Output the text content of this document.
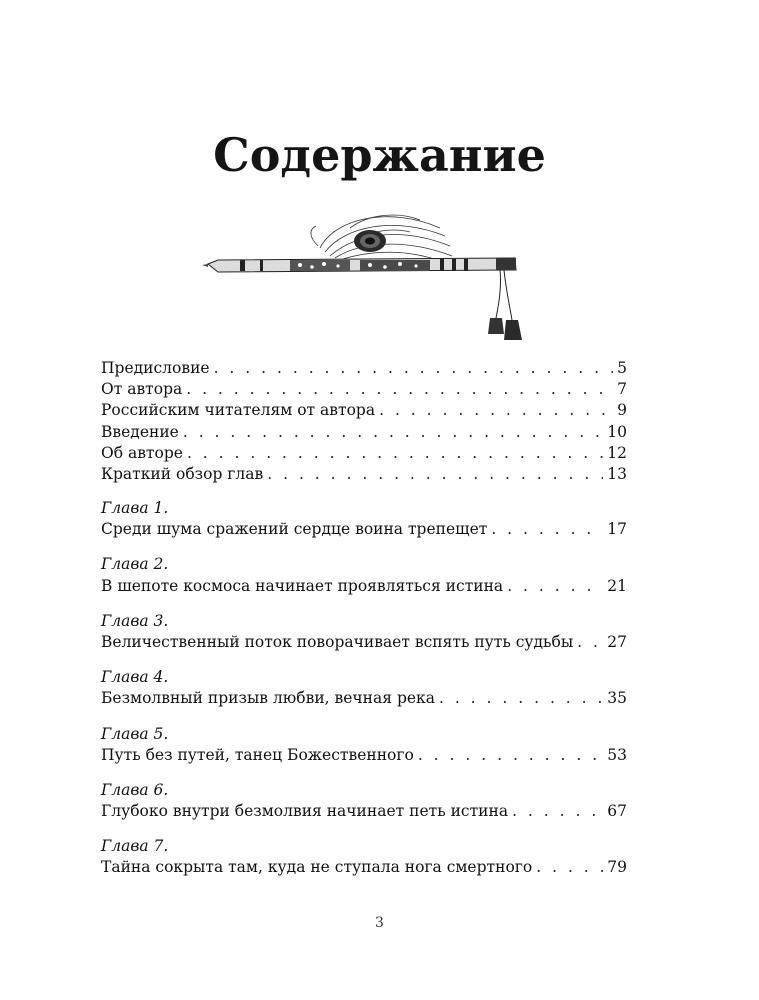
Содержание
Предисловие . . .	5
От автора . . .	7
Российским читателям от автора . . .	9
Введение . . .	10
Об авторе . . .	12
Краткий обзор глав . . .	13
Глава 1.
Среди шума сражений сердце воина трепещет . . .	17
Глава 2.
В шепоте космоса начинает проявляться истина . . .	21
Глава 3.
Величественный поток поворачивает вспять путь судьбы . . . 27
Глава 4.
Безмолвный призыв любви, вечная река . . .	35
Глава 5.
Путь без путей, танец Божественного . . .	53
Глава 6.
Глубоко внутри безмолвия начинает петь истина . . .	67
Глава 7.
Тайна сокрыта там, куда не ступала нога смертного . . .	79
3
